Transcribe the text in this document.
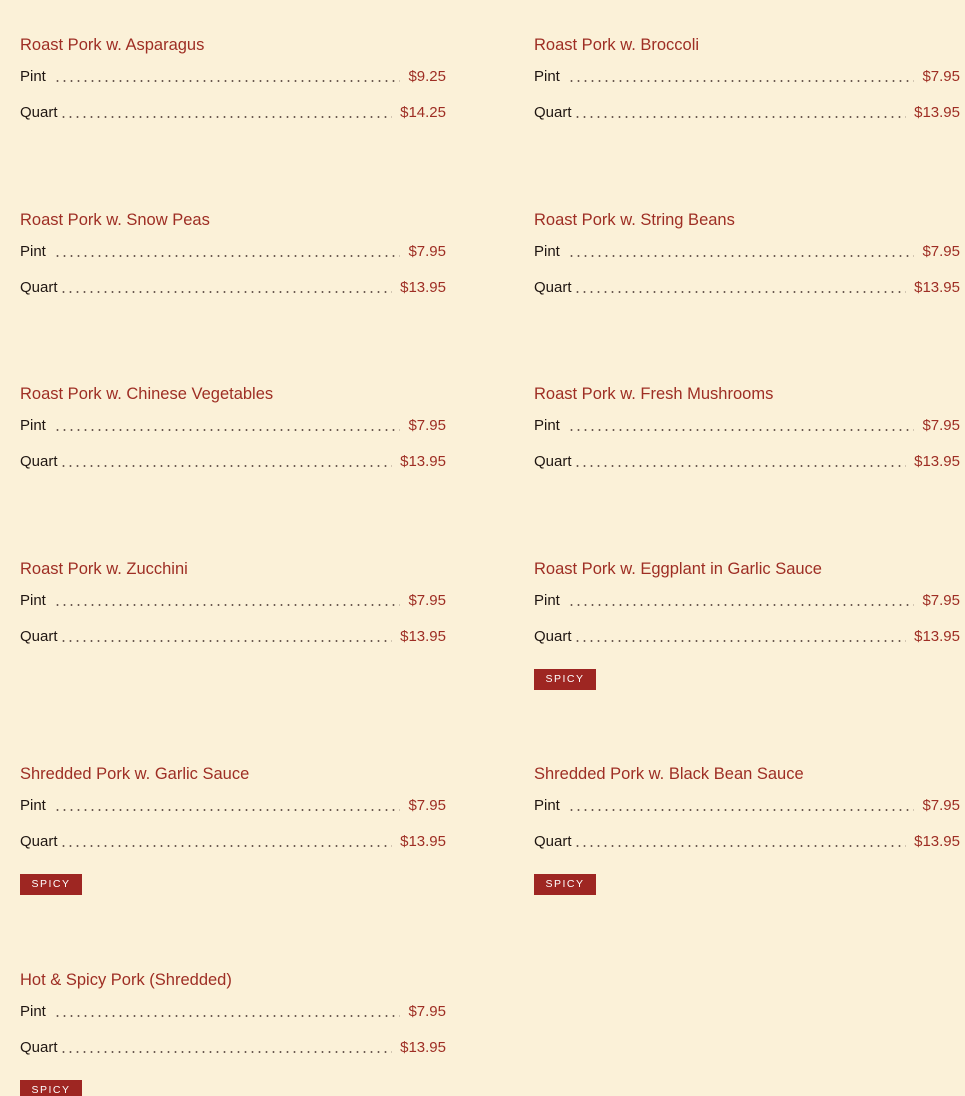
Roast Pork w. Asparagus
Pint	$9.25
Quart	$14.25
Roast Pork w. Broccoli
Pint	$7.95
Quart	$13.95
Roast Pork w. Snow Peas
Pint	$7.95
Quart	$13.95
Roast Pork w. String Beans
Pint	$7.95
Quart	$13.95
Roast Pork w. Chinese Vegetables
Pint	$7.95
Quart	$13.95
Roast Pork w. Fresh Mushrooms
Pint	$7.95
Quart	$13.95
Roast Pork w. Zucchini
Pint	$7.95
Quart	$13.95
Roast Pork w. Eggplant in Garlic Sauce
Pint	$7.95
Quart	$13.95
SPICY
Shredded Pork w. Garlic Sauce
Pint	$7.95
Quart	$13.95
SPICY
Shredded Pork w. Black Bean Sauce
Pint	$7.95
Quart	$13.95
SPICY
Hot & Spicy Pork (Shredded)
Pint	$7.95
Quart	$13.95
SPICY
